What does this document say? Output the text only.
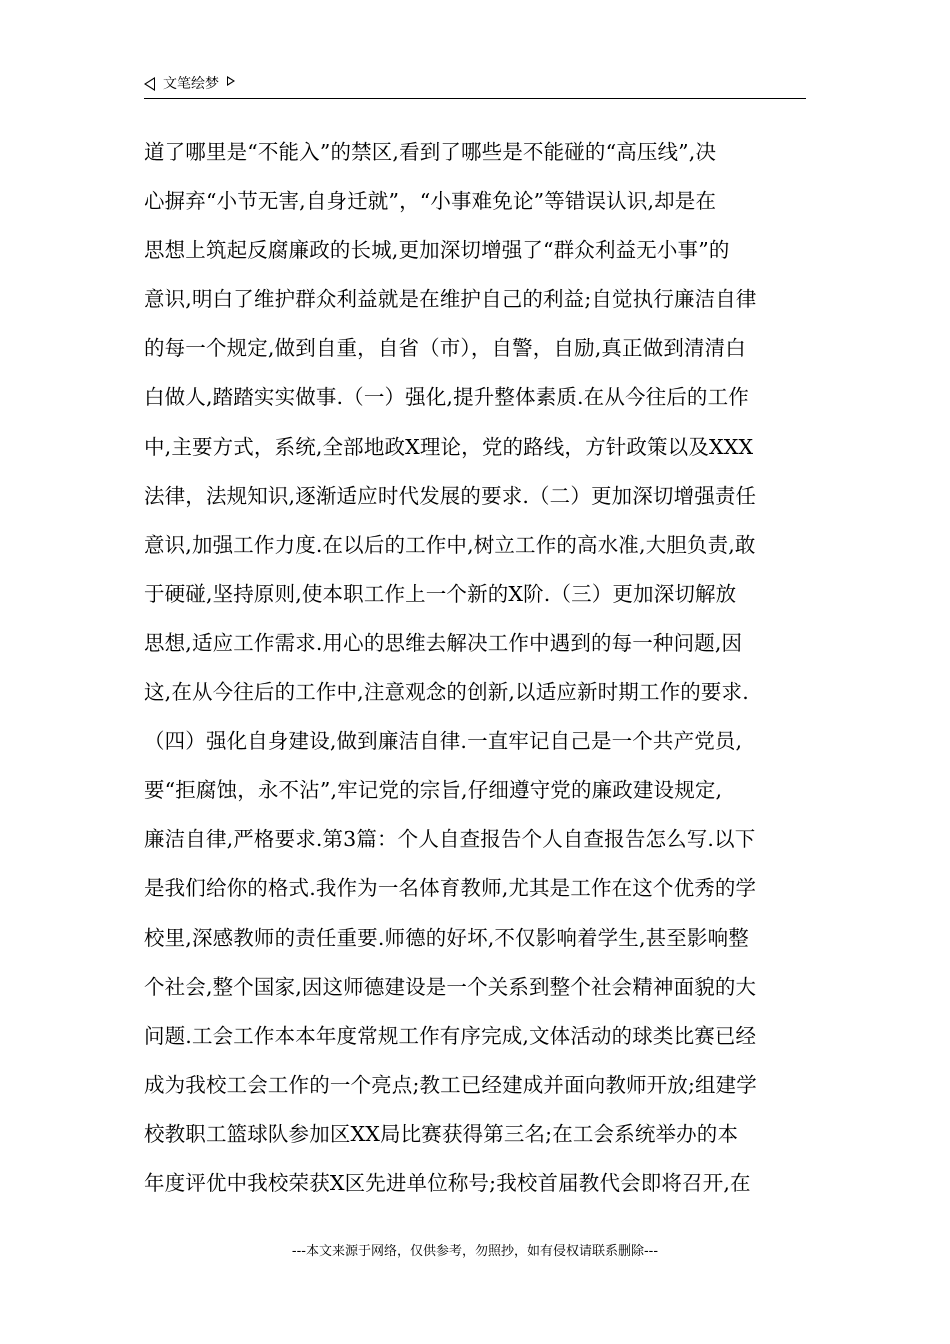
文笔绘梦
道了哪里是“不能入”的禁区,看到了哪些是不能碰的“高压线”,决
心摒弃“小节无害,自身迁就”，“小事难免论”等错误认识,却是在
思想上筑起反腐廉政的长城,更加深切增强了“群众利益无小事”的
意识,明白了维护群众利益就是在维护自己的利益;自觉执行廉洁自律
的每一个规定,做到自重，自省（市），自警，自励,真正做到清清白
白做人,踏踏实实做事.（一）强化,提升整体素质.在从今往后的工作
中,主要方式，系统,全部地政X理论，党的路线，方针政策以及XXX
法律，法规知识,逐渐适应时代发展的要求.（二）更加深切增强责任
意识,加强工作力度.在以后的工作中,树立工作的高水准,大胆负责,敢
于硬碰,坚持原则,使本职工作上一个新的X阶.（三）更加深切解放
思想,适应工作需求.用心的思维去解决工作中遇到的每一种问题,因
这,在从今往后的工作中,注意观念的创新,以适应新时期工作的要求.
（四）强化自身建设,做到廉洁自律.一直牢记自己是一个共产党员,
要“拒腐蚀，永不沾”,牢记党的宗旨,仔细遵守党的廉政建设规定,
廉洁自律,严格要求.第3篇：个人自查报告个人自查报告怎么写.以下
是我们给你的格式.我作为一名体育教师,尤其是工作在这个优秀的学
校里,深感教师的责任重要.师德的好坏,不仅影响着学生,甚至影响整
个社会,整个国家,因这师德建设是一个关系到整个社会精神面貌的大
问题.工会工作本本年度常规工作有序完成,文体活动的球类比赛已经
成为我校工会工作的一个亮点;教工已经建成并面向教师开放;组建学
校教职工篮球队参加区XX局比赛获得第三名;在工会系统举办的本
年度评优中我校荣获X区先进单位称号;我校首届教代会即将召开,在
---本文来源于网络，仅供参考，勿照抄，如有侵权请联系删除---
